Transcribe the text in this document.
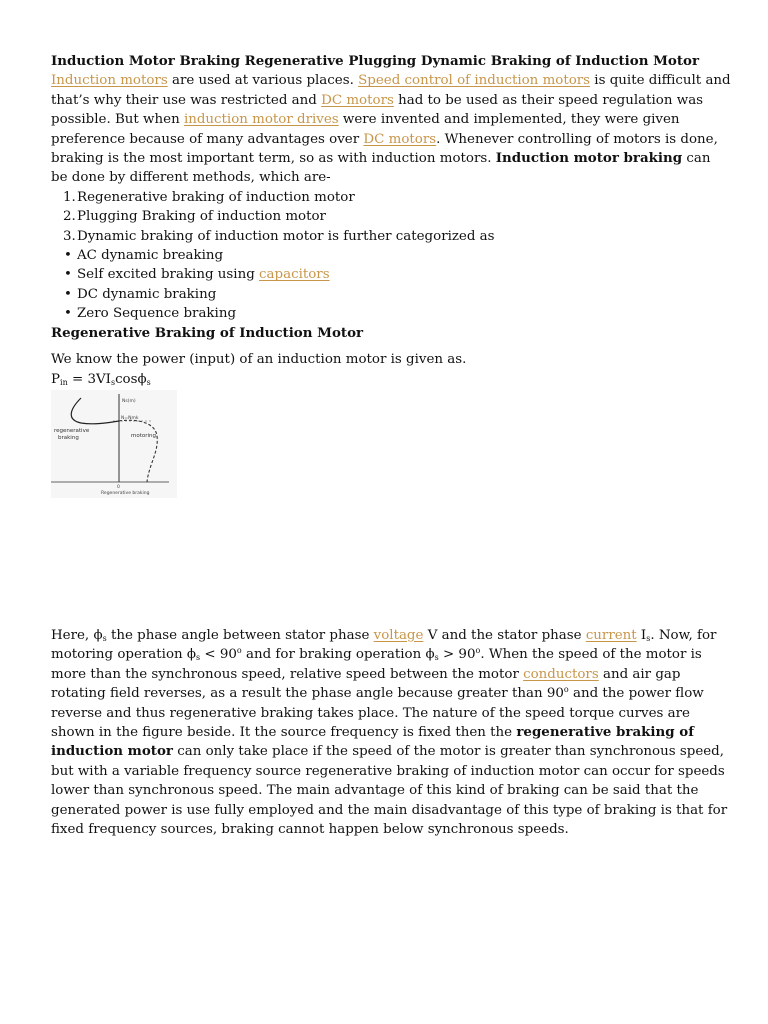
Induction Motor Braking Regenerative Plugging Dynamic Braking of Induction Motor

Induction motors are used at various places. Speed control of induction motors is quite difficult and that’s why their use was restricted and DC motors had to be used as their speed regulation was possible. But when induction motor drives were invented and implemented, they were given preference because of many advantages over DC motors. Whenever controlling of motors is done, braking is the most important term, so as with induction motors. Induction motor braking can be done by different methods, which are-

1. Regenerative braking of induction motor
2. Plugging Braking of induction motor
3. Dynamic braking of induction motor is further categorized as
• AC dynamic breaking
• Self excited braking using capacitors
• DC dynamic braking
• Zero Sequence braking

Regenerative Braking of Induction Motor

We know the power (input) of an induction motor is given as.

$P_{in} = 3VI_s\cos\phi_s$

Ns(m)
N=Nmk
regenerative
braking	motoring
0
Regenerative braking

Here, $\phi_s$ the phase angle between stator phase voltage V and the stator phase current $I_s$. Now, for motoring operation $\phi_s < 90^o$ and for braking operation $\phi_s > 90^o$. When the speed of the motor is more than the synchronous speed, relative speed between the motor conductors and air gap rotating field reverses, as a result the phase angle because greater than 90$^o$ and the power flow reverse and thus regenerative braking takes place. The nature of the speed torque curves are shown in the figure beside. It the source frequency is fixed then the regenerative braking of induction motor can only take place if the speed of the motor is greater than synchronous speed, but with a variable frequency source regenerative braking of induction motor can occur for speeds lower than synchronous speed. The main advantage of this kind of braking can be said that the generated power is use fully employed and the main disadvantage of this type of braking is that for fixed frequency sources, braking cannot happen below synchronous speeds.
